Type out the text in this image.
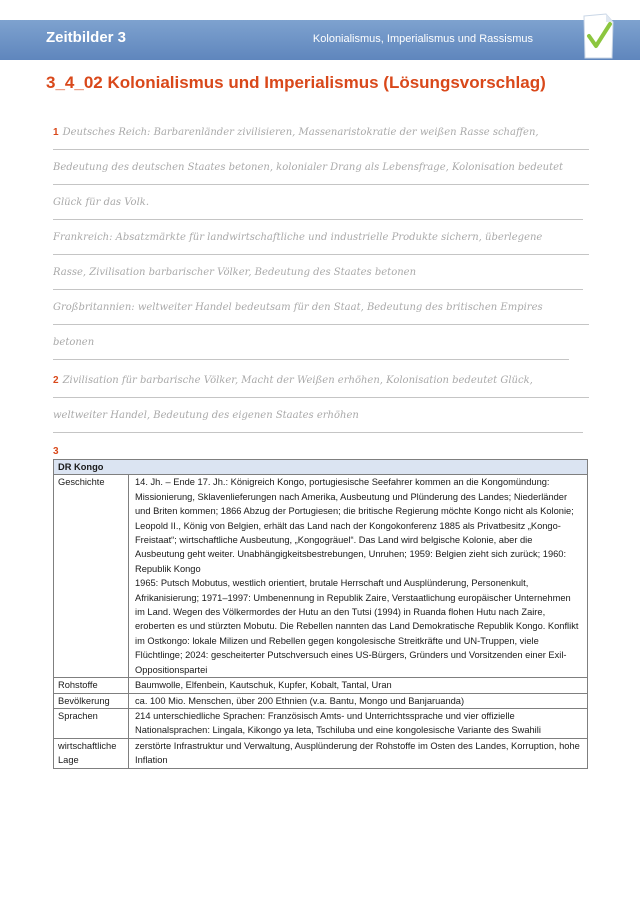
Zeitbilder 3	Kolonialismus, Imperialismus und Rassismus
3_4_02 Kolonialismus und Imperialismus (Lösungsvorschlag)
1 Deutsches Reich: Barbarenländer zivilisieren, Massenaristokratie der weißen Rasse schaffen,
Bedeutung des deutschen Staates betonen, kolonialer Drang als Lebensfrage, Kolonisation bedeutet
Glück für das Volk.
Frankreich: Absatzmärkte für landwirtschaftliche und industrielle Produkte sichern, überlegene
Rasse, Zivilisation barbarischer Völker, Bedeutung des Staates betonen
Großbritannien: weltweiter Handel bedeutsam für den Staat, Bedeutung des britischen Empires
betonen
2 Zivilisation für barbarische Völker, Macht der Weißen erhöhen, Kolonisation bedeutet Glück,
weltweiter Handel, Bedeutung des eigenen Staates erhöhen
3
DR Kongo	
Geschichte	14. Jh. – Ende 17. Jh.: Königreich Kongo, portugiesische Seefahrer kommen an die Kongomündung: Missionierung, Sklavenlieferungen nach Amerika, Ausbeutung und Plünderung des Landes; Niederländer und Briten kommen; 1866 Abzug der Portugiesen; die britische Regierung möchte Kongo nicht als Kolonie; Leopold II., König von Belgien, erhält das Land nach der Kongokonferenz 1885 als Privatbesitz „Kongo-Freistaat“; wirtschaftliche Ausbeutung, „Kongogräuel“. Das Land wird belgische Kolonie, aber die Ausbeutung geht weiter. Unabhängigkeitsbestrebungen, Unruhen; 1959: Belgien zieht sich zurück; 1960: Republik Kongo
1965: Putsch Mobutus, westlich orientiert, brutale Herrschaft und Ausplünderung, Personenkult, Afrikanisierung; 1971–1997: Umbenennung in Republik Zaire, Verstaatlichung europäischer Unternehmen im Land. Wegen des Völkermordes der Hutu an den Tutsi (1994) in Ruanda flohen Hutu nach Zaire, eroberten es und stürzten Mobutu. Die Rebellen nannten das Land Demokratische Republik Kongo. Konflikt im Ostkongo: lokale Milizen und Rebellen gegen kongolesische Streitkräfte und UN-Truppen, viele Flüchtlinge; 2024: gescheiterter Putschversuch eines US-Bürgers, Gründers und Vorsitzenden einer Exil-Oppositionspartei

Rohstoffe	Baumwolle, Elfenbein, Kautschuk, Kupfer, Kobalt, Tantal, Uran
Bevölkerung	ca. 100 Mio. Menschen, über 200 Ethnien (v.a. Bantu, Mongo und Banjaruanda)
Sprachen	214 unterschiedliche Sprachen: Französisch Amts- und Unterrichtssprache und vier offizielle Nationalsprachen: Lingala, Kikongo ya leta, Tschiluba und eine kongolesische Variante des Swahili
wirtschaftliche Lage	zerstörte Infrastruktur und Verwaltung, Ausplünderung der Rohstoffe im Osten des Landes, Korruption, hohe Inflation
